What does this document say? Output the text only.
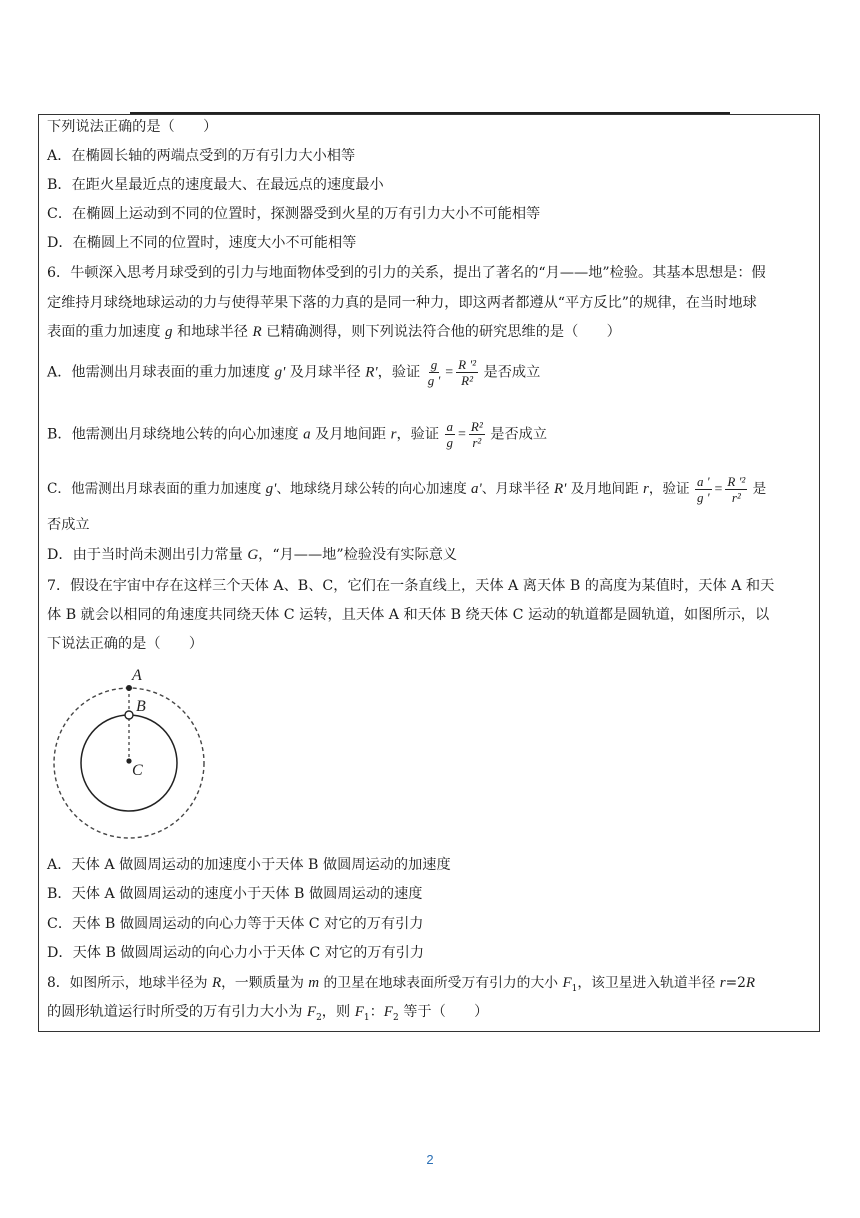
下列说法正确的是（　　）
A．在椭圆长轴的两端点受到的万有引力大小相等
B．在距火星最近点的速度最大、在最远点的速度最小
C．在椭圆上运动到不同的位置时，探测器受到火星的万有引力大小不可能相等
D．在椭圆上不同的位置时，速度大小不可能相等
6．牛顿深入思考月球受到的引力与地面物体受到的引力的关系，提出了著名的“月——地”检验。其基本思想是：假
定维持月球绕地球运动的力与使得苹果下落的力真的是同一种力，即这两者都遵从“平方反比”的规律，在当时地球
表面的重力加速度 g 和地球半径 R 已精确测得，则下列说法符合他的研究思维的是（　　）
A．他需测出月球表面的重力加速度 g' 及月球半径 R'，验证 $\frac{g}{g '} = \frac{\text{R '²}}{\text{R²}}$ 是否成立
B．他需测出月球绕地公转的向心加速度 a 及月地间距 r，验证 $\frac{a}{g} = \frac{\text{R²}}{\text{r²}}$ 是否成立
C．他需测出月球表面的重力加速度 g'、地球绕月球公转的向心加速度 a'、月球半径 R' 及月地间距 r，验证 $\frac{a '}{g '} = \frac{\text{R '²}}{\text{r²}}$ 是
否成立
D．由于当时尚未测出引力常量 G，“月——地”检验没有实际意义
7．假设在宇宙中存在这样三个天体 A、B、C，它们在一条直线上，天体 A 离天体 B 的高度为某值时，天体 A 和天
体 B 就会以相同的角速度共同绕天体 C 运转，且天体 A 和天体 B 绕天体 C 运动的轨道都是圆轨道，如图所示，以
下说法正确的是（　　）
A
B
C
A．天体 A 做圆周运动的加速度小于天体 B 做圆周运动的加速度
B．天体 A 做圆周运动的速度小于天体 B 做圆周运动的速度
C．天体 B 做圆周运动的向心力等于天体 C 对它的万有引力
D．天体 B 做圆周运动的向心力小于天体 C 对它的万有引力
8．如图所示，地球半径为 R，一颗质量为 m 的卫星在地球表面所受万有引力的大小 $F_1$，该卫星进入轨道半径 r=2R
的圆形轨道运行时所受的万有引力大小为 $F_2$，则 $F_1$：$F_2$ 等于（　　）
2
